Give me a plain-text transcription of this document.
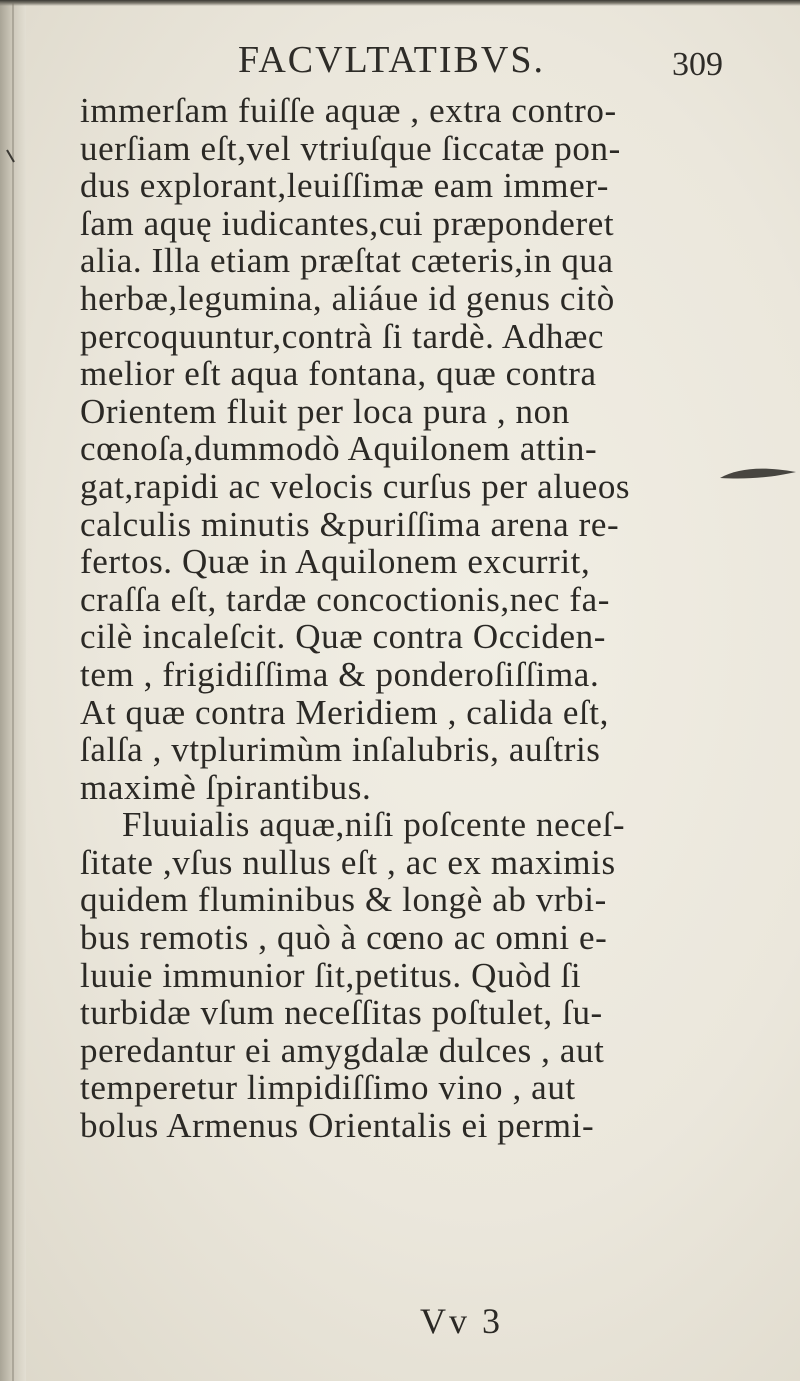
FACVLTATIBVS.	309
immerſam fuiſſe aquæ , extra contro-
uerſiam eſt,vel vtriuſque ſiccatæ pon-
dus explorant,leuiſſimæ eam immer-
ſam aquę iudicantes,cui præponderet
alia. Illa etiam præſtat cæteris,in qua
herbæ,legumina, aliáue id genus citò
percoquuntur,contrà ſi tardè. Adhæc
melior eſt aqua fontana, quæ contra
Orientem fluit per loca pura , non
cœnoſa,dummodò Aquilonem attin-
gat,rapidi ac velocis curſus per alueos
calculis minutis &puriſſima arena re-
fertos. Quæ in Aquilonem excurrit,
craſſa eſt, tardæ concoctionis,nec fa-
cilè incaleſcit. Quæ contra Occiden-
tem , frigidiſſima & ponderoſiſſima.
At quæ contra Meridiem , calida eſt,
ſalſa , vtplurimùm inſalubris, auſtris
maximè ſpirantibus.
Fluuialis aquæ,niſi poſcente neceſ-
ſitate ,vſus nullus eſt , ac ex maximis
quidem fluminibus & longè ab vrbi-
bus remotis , quò à cœno ac omni e-
luuie immunior ſit,petitus. Quòd ſi
turbidæ vſum neceſſitas poſtulet, ſu-
peredantur ei amygdalæ dulces , aut
temperetur limpidiſſimo vino , aut
bolus Armenus Orientalis ei permi-
Vv 3
